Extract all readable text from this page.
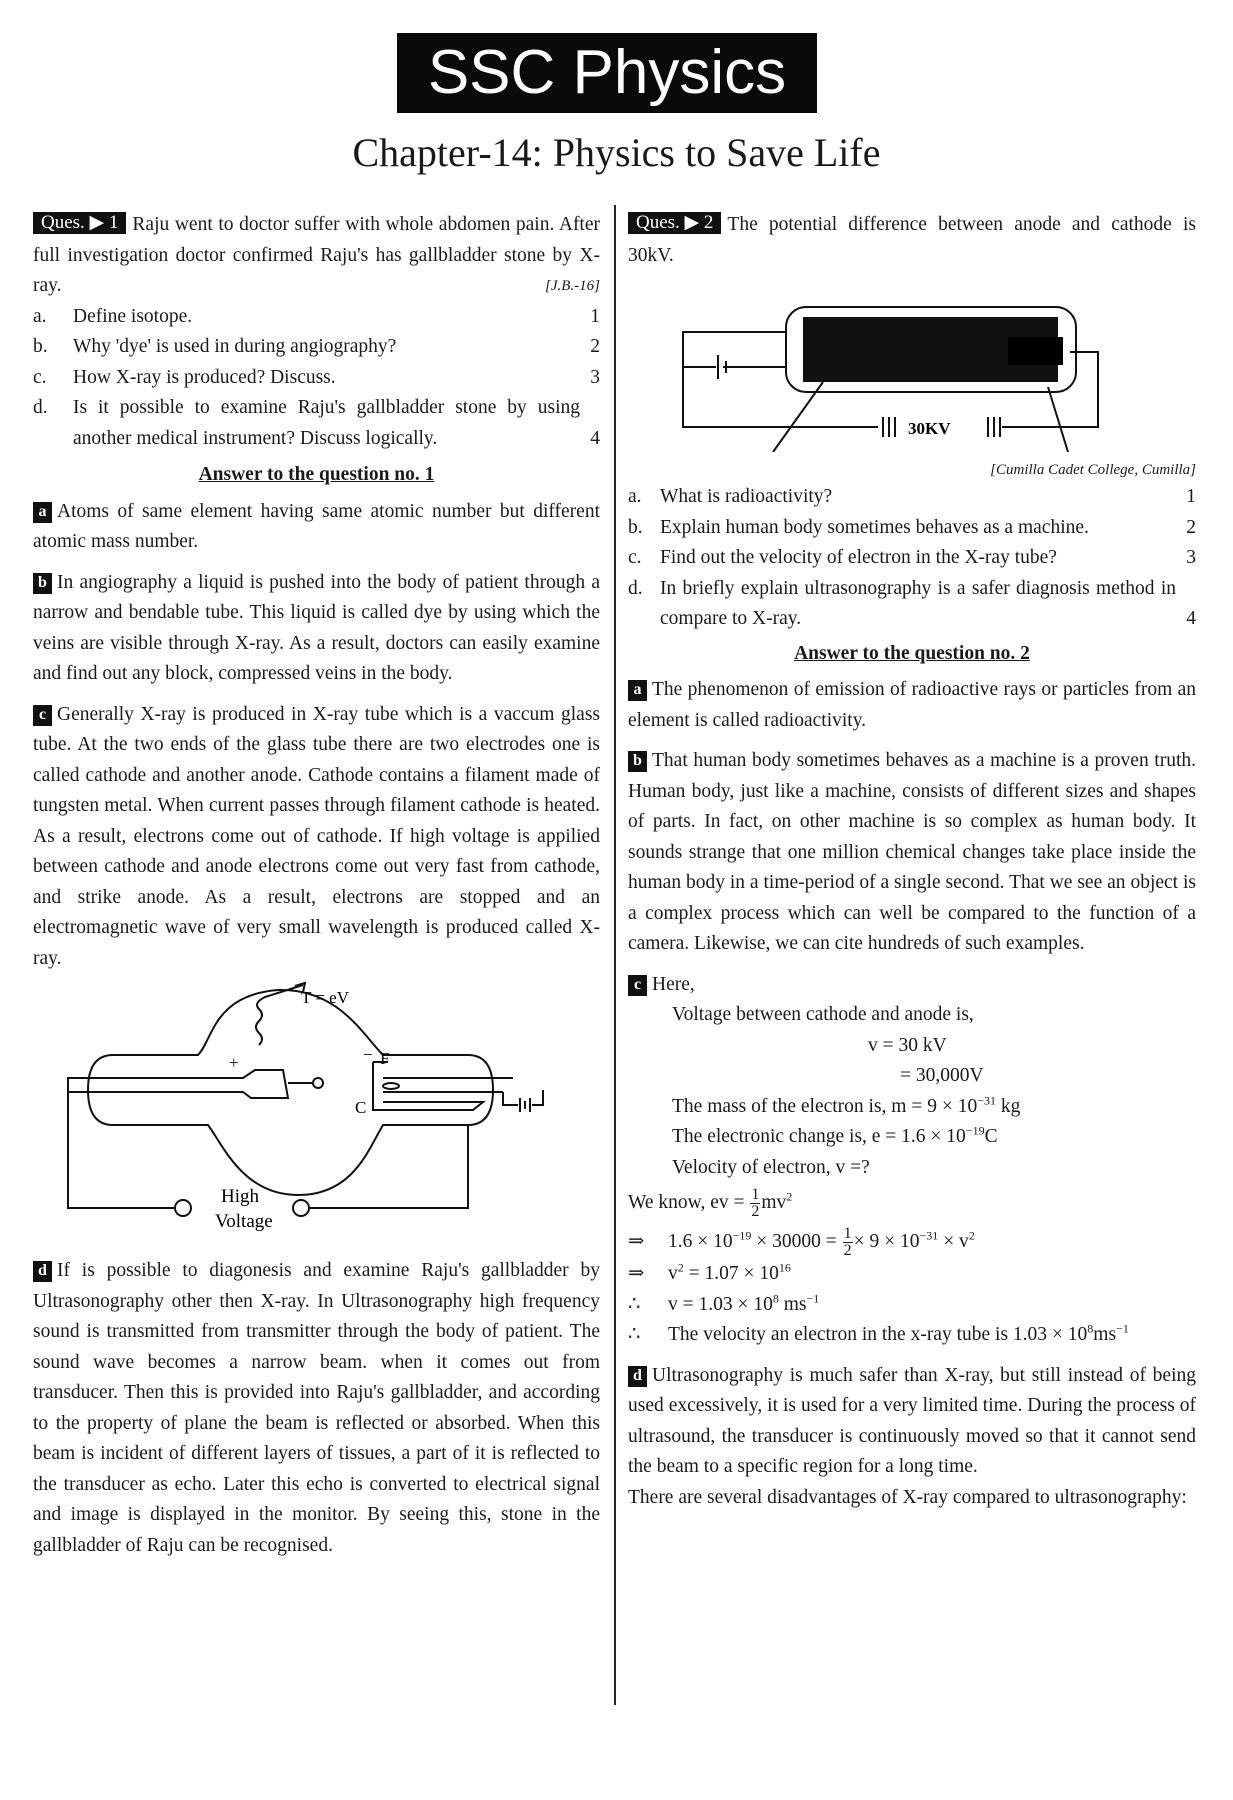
SSC Physics
Chapter-14: Physics to Save Life
Ques. ▶ 1 Raju went to doctor suffer with whole abdomen pain. After full investigation doctor confirmed Raju's has gallbladder stone by X-ray.	[J.B.-16]
a.	Define isotope.	1
b.	Why 'dye' is used in during angiography?	2
c.	How X-ray is produced? Discuss.	3
d.	Is it possible to examine Raju's gallbladder stone by using another medical instrument? Discuss logically.	4
Answer to the question no. 1

a Atoms of same element having same atomic number but different atomic mass number.

b In angiography a liquid is pushed into the body of patient through a narrow and bendable tube. This liquid is called dye by using which the veins are visible through X-ray. As a result, doctors can easily examine and find out any block, compressed veins in the body.

c Generally X-ray is produced in X-ray tube which is a vaccum glass tube. At the two ends of the glass tube there are two electrodes one is called cathode and another anode. Cathode contains a filament made of tungsten metal. When current passes through filament cathode is heated. As a result, electrons come out of cathode. If high voltage is appilied between cathode and anode electrons come out very fast from cathode, and strike anode. As a result, electrons are stopped and an electromagnetic wave of very small wavelength is produced called X-ray.

T = eV
+	− F
C
High
Voltage

d If is possible to diagonesis and examine Raju's gallbladder by Ultrasonography other then X-ray. In Ultrasonography high frequency sound is transmitted from transmitter through the body of patient. The sound wave becomes a narrow beam. when it comes out from transducer. Then this is provided into Raju's gallbladder, and according to the property of plane the beam is reflected or absorbed. When this beam is incident of different layers of tissues, a part of it is reflected to the transducer as echo. Later this echo is converted to electrical signal and image is displayed in the monitor. By seeing this, stone in the gallbladder of Raju can be recognised.

Ques. ▶ 2 The potential difference between anode and cathode is 30kV.
30KV
[Cumilla Cadet College, Cumilla]
a. What is radioactivity?	1
b. Explain human body sometimes behaves as a machine.	2
c. Find out the velocity of electron in the X-ray tube?	3
d. In briefly explain ultrasonography is a safer diagnosis method in compare to X-ray.	4
Answer to the question no. 2

a The phenomenon of emission of radioactive rays or particles from an element is called radioactivity.

b That human body sometimes behaves as a machine is a proven truth. Human body, just like a machine, consists of different sizes and shapes of parts. In fact, on other machine is so complex as human body. It sounds strange that one million chemical changes take place inside the human body in a time-period of a single second. That we see an object is a complex process which can well be compared to the function of a camera. Likewise, we can cite hundreds of such examples.

c Here,
Voltage between cathode and anode is,
v = 30 kV
= 30,000V
The mass of the electron is, $m = 9 \times 10^{-31}$ kg
The electronic change is, $e = 1.6 \times 10^{-19}C$
Velocity of electron, v =?
We know, ev = $\frac{1}{2} mv^2$
⇒ $1.6 \times 10^{-19} \times 30000 = \frac{1}{2} \times 9 \times 10^{-31} \times v^2$
⇒ $v^2 = 1.07 \times 10^{16}$
∴ $v = 1.03 \times 10^8$ $ms^{-1}$
∴ The velocity an electron in the x-ray tube is $1.03 \times 10^8ms^{-1}$

d Ultrasonography is much safer than X-ray, but still instead of being used excessively, it is used for a very limited time. During the process of ultrasound, the transducer is continuously moved so that it cannot send the beam to a specific region for a long time.

There are several disadvantages of X-ray compared to ultrasonography:
